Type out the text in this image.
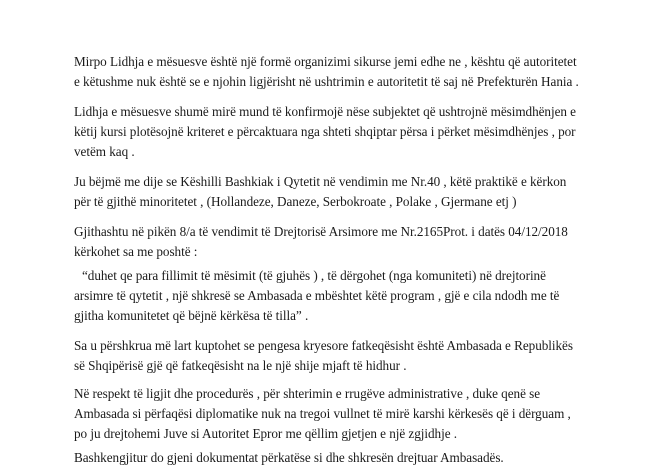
Mirpo Lidhja e mësuesve është një formë organizimi sikurse jemi edhe ne , kështu që autoritetet

e këtushme nuk është se e njohin ligjërisht në ushtrimin e autoritetit të saj në Prefekturën Hania .

Lidhja e mësuesve shumë mirë mund të konfirmojë nëse subjektet që ushtrojnë mësimdhënjen e

këtij kursi plotësojnë kriteret e përcaktuara nga shteti shqiptar përsa i përket mësimdhënjes , por

vetëm kaq .

Ju bëjmë me dije se Këshilli Bashkiak i Qytetit në vendimin me Nr.40 , këtë praktikë e kërkon

për të gjithë minoritetet , (Hollandeze, Daneze, Serbokroate , Polake , Gjermane etj )

Gjithashtu në pikën 8/a të vendimit të Drejtorisë Arsimore me Nr.2165Prot. i datës 04/12/2018

kërkohet sa me poshtë :

“duhet qe para fillimit të mësimit (të gjuhës ) , të dërgohet (nga komuniteti) në drejtorinë

arsimre të qytetit , një shkresë se Ambasada e mbështet këtë program , gjë e cila ndodh me të

gjitha komunitetet që bëjnë kërkësa të tilla” .

Sa u përshkrua më lart kuptohet se pengesa kryesore fatkeqësisht është Ambasada e Republikës

së Shqipërisë gjë që fatkeqësisht na le një shije mjaft të hidhur .

Në respekt të ligjit dhe procedurës , për shterimin e rrugëve administrative , duke qenë se

Ambasada si përfaqësi diplomatike nuk na tregoi vullnet të mirë karshi kërkesës që i dërguam ,

po ju drejtohemi Juve si Autoritet Epror me qëllim gjetjen e një zgjidhje .

Bashkengjitur do gjeni dokumentat përkatëse si dhe shkresën drejtuar Ambasadës.
